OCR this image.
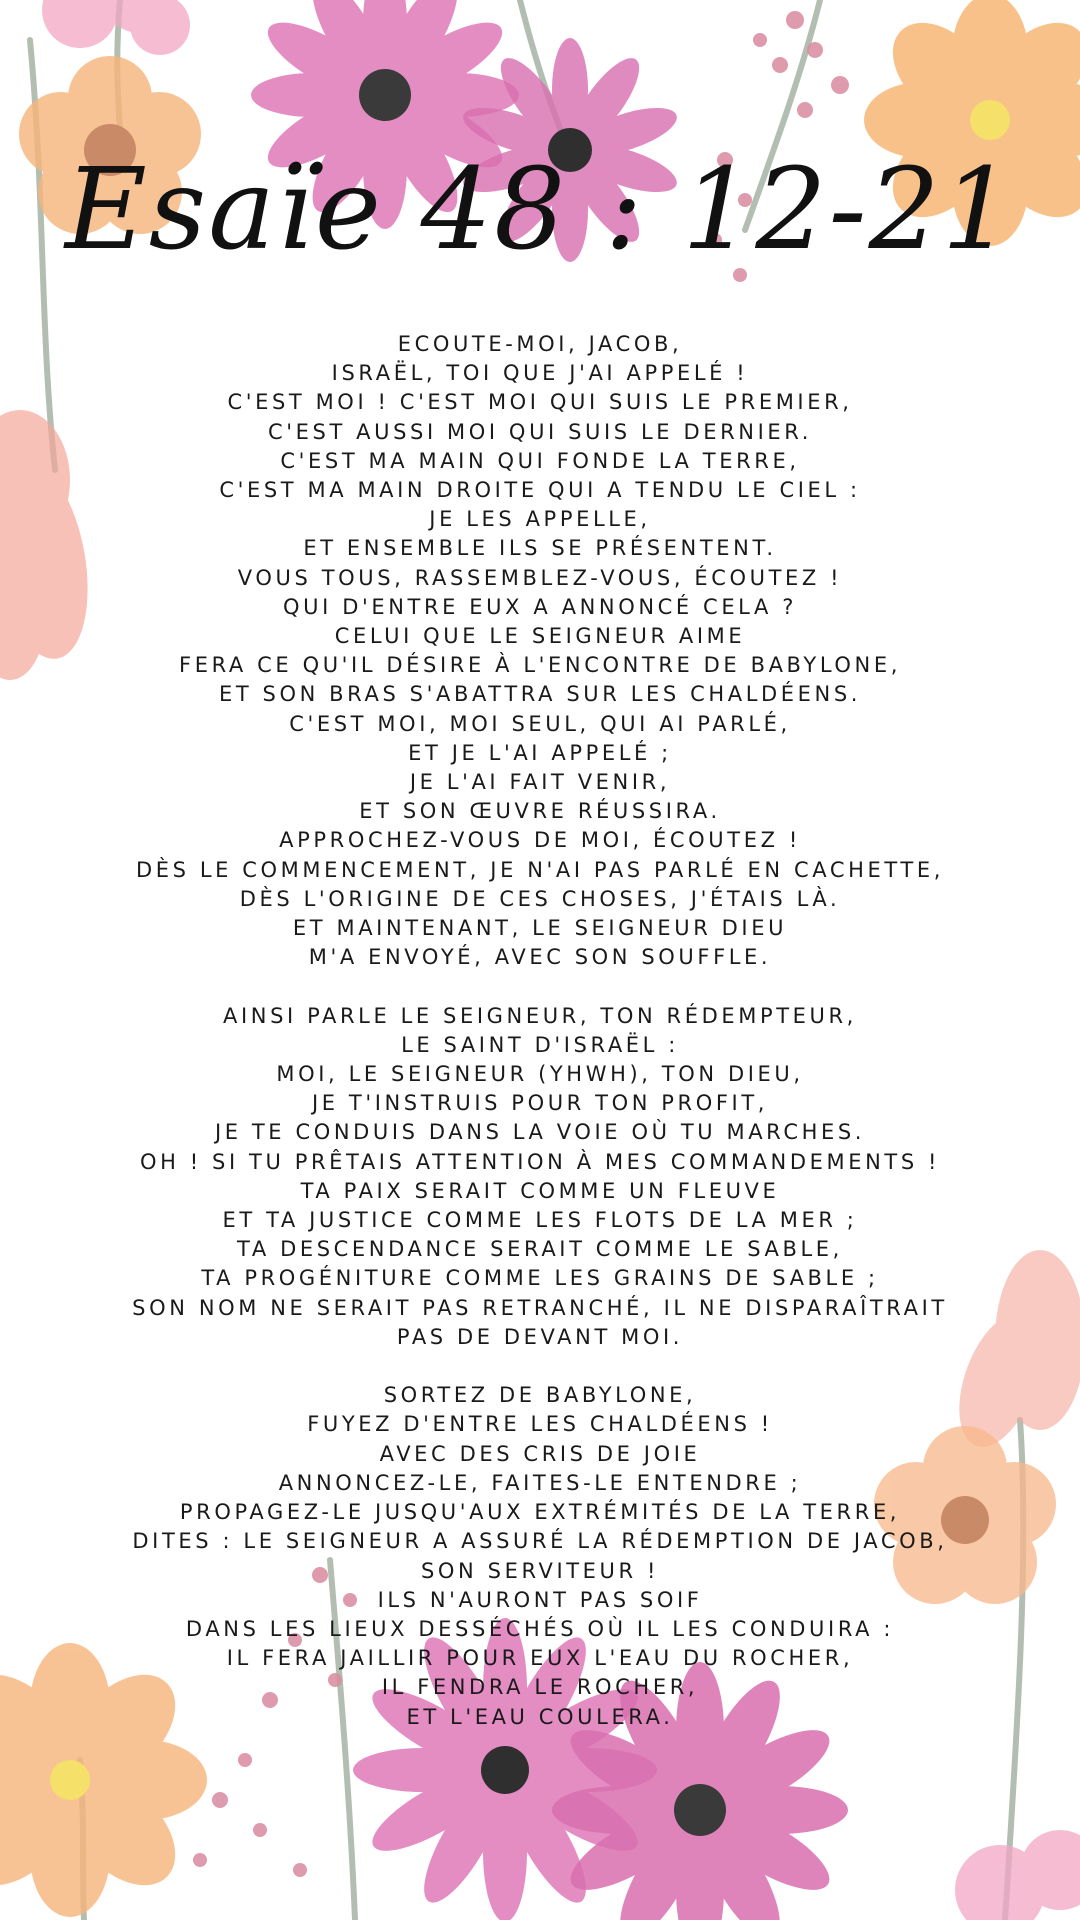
Esaïe 48 : 12-21
ECOUTE-MOI, JACOB,
ISRAËL, TOI QUE J'AI APPELÉ !
C'EST MOI ! C'EST MOI QUI SUIS LE PREMIER,
C'EST AUSSI MOI QUI SUIS LE DERNIER.
C'EST MA MAIN QUI FONDE LA TERRE,
C'EST MA MAIN DROITE QUI A TENDU LE CIEL :
JE LES APPELLE,
ET ENSEMBLE ILS SE PRÉSENTENT.
VOUS TOUS, RASSEMBLEZ-VOUS, ÉCOUTEZ !
QUI D'ENTRE EUX A ANNONCÉ CELA ?
CELUI QUE LE SEIGNEUR AIME
FERA CE QU'IL DÉSIRE À L'ENCONTRE DE BABYLONE,
ET SON BRAS S'ABATTRA SUR LES CHALDÉENS.
C'EST MOI, MOI SEUL, QUI AI PARLÉ,
ET JE L'AI APPELÉ ;
JE L'AI FAIT VENIR,
ET SON ŒUVRE RÉUSSIRA.
APPROCHEZ-VOUS DE MOI, ÉCOUTEZ !
DÈS LE COMMENCEMENT, JE N'AI PAS PARLÉ EN CACHETTE,
DÈS L'ORIGINE DE CES CHOSES, J'ÉTAIS LÀ.
ET MAINTENANT, LE SEIGNEUR DIEU
M'A ENVOYÉ, AVEC SON SOUFFLE.
AINSI PARLE LE SEIGNEUR, TON RÉDEMPTEUR,
LE SAINT D'ISRAËL :
MOI, LE SEIGNEUR (YHWH), TON DIEU,
JE T'INSTRUIS POUR TON PROFIT,
JE TE CONDUIS DANS LA VOIE OÙ TU MARCHES.
OH ! SI TU PRÊTAIS ATTENTION À MES COMMANDEMENTS !
TA PAIX SERAIT COMME UN FLEUVE
ET TA JUSTICE COMME LES FLOTS DE LA MER ;
TA DESCENDANCE SERAIT COMME LE SABLE,
TA PROGÉNITURE COMME LES GRAINS DE SABLE ;
SON NOM NE SERAIT PAS RETRANCHÉ, IL NE DISPARAÎTRAIT
PAS DE DEVANT MOI.
SORTEZ DE BABYLONE,
FUYEZ D'ENTRE LES CHALDÉENS !
AVEC DES CRIS DE JOIE
ANNONCEZ-LE, FAITES-LE ENTENDRE ;
PROPAGEZ-LE JUSQU'AUX EXTRÉMITÉS DE LA TERRE,
DITES : LE SEIGNEUR A ASSURÉ LA RÉDEMPTION DE JACOB,
SON SERVITEUR !
ILS N'AURONT PAS SOIF
DANS LES LIEUX DESSÉCHÉS OÙ IL LES CONDUIRA :
IL FERA JAILLIR POUR EUX L'EAU DU ROCHER,
IL FENDRA LE ROCHER,
ET L'EAU COULERA.
